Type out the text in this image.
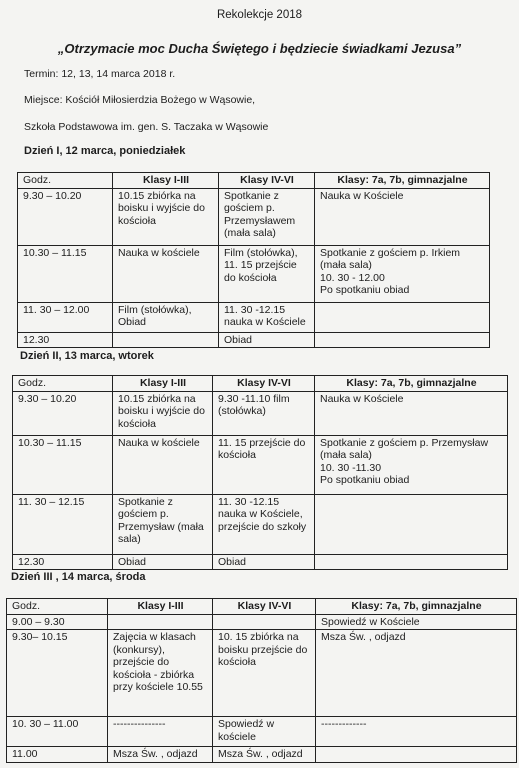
Rekolekcje 2018
„Otrzymacie moc Ducha Świętego i będziecie świadkami Jezusa”
Termin: 12, 13, 14 marca 2018 r.
Miejsce: Kościół Miłosierdzia Bożego w Wąsowie,
Szkoła Podstawowa im. gen. S. Taczaka w Wąsowie
Dzień I, 12 marca, poniedziałek
Godz.	Klasy I-III	Klasy IV-VI	Klasy: 7a, 7b, gimnazjalne
9.30 – 10.20	10.15 zbiórka na boisku i wyjście do kościoła	Spotkanie z gościem p. Przemysławem (mała sala)	Nauka w Kościele
10.30 – 11.15	Nauka w kościele	Film (stołówka), 11. 15 przejście do kościoła	Spotkanie z gościem p. Irkiem
(mała sala)
10. 30 - 12.00
Po spotkaniu obiad
11. 30 – 12.00	Film (stołówka), Obiad	11. 30 -12.15 nauka w Kościele	
12.30		Obiad	
Dzień II, 13 marca, wtorek
Godz.	Klasy I-III	Klasy IV-VI	Klasy: 7a, 7b, gimnazjalne
9.30 – 10.20	10.15 zbiórka na boisku i wyjście do kościoła	9.30 -11.10 film (stołówka)	Nauka w Kościele
10.30 – 11.15	Nauka w kościele	11. 15 przejście do kościoła	Spotkanie z gościem p. Przemysław
(mała sala)
10. 30 -11.30
Po spotkaniu obiad
11. 30 – 12.15	Spotkanie z gościem p. Przemysław (mała sala)	11. 30 -12.15 nauka w Kościele, przejście do szkoły	
12.30	Obiad	Obiad	
Dzień III , 14 marca, środa
Godz.	Klasy I-III	Klasy IV-VI	Klasy: 7a, 7b, gimnazjalne
9.00 – 9.30			Spowiedź w Kościele
9.30– 10.15	Zajęcia w klasach (konkursy), przejście do kościoła - zbiórka przy kościele 10.55	10. 15 zbiórka na boisku przejście do kościoła	Msza Św. , odjazd
10. 30 – 11.00	---------------	Spowiedź w kościele	-------------
11.00	Msza Św. , odjazd	Msza Św. , odjazd	
